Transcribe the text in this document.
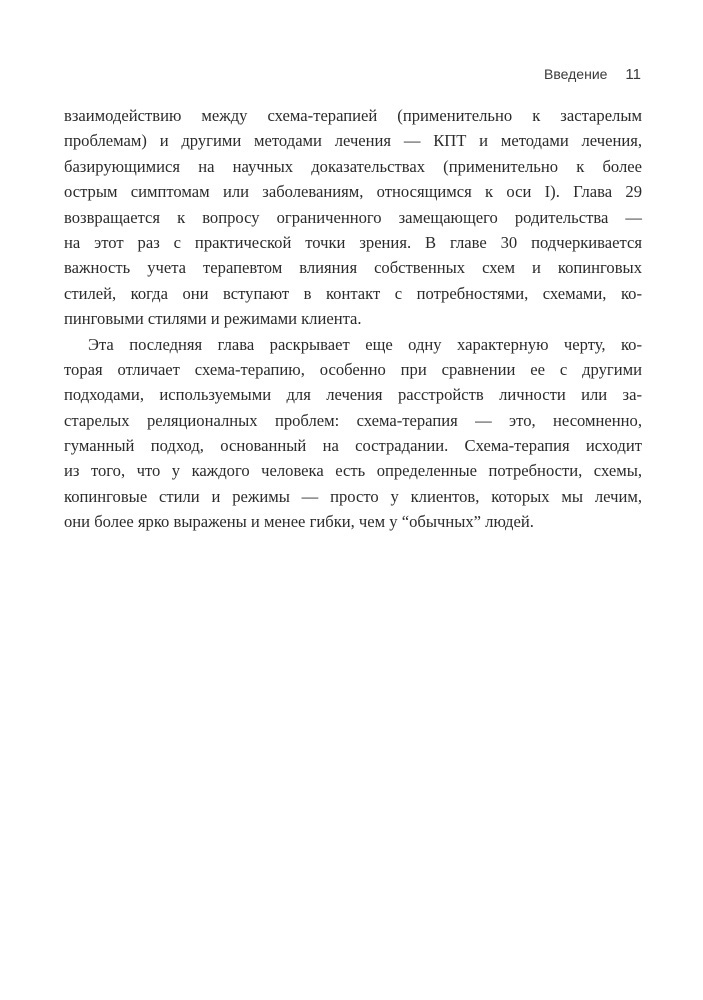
Введение 11
взаимодействию между схема-терапией (применительно к застарелым
проблемам) и другими методами лечения — КПТ и методами лечения,
базирующимися на научных доказательствах (применительно к более
острым симптомам или заболеваниям, относящимся к оси I). Глава 29
возвращается к вопросу ограниченного замещающего родительства —
на этот раз с практической точки зрения. В главе 30 подчеркивается
важность учета терапевтом влияния собственных схем и копинговых
стилей, когда они вступают в контакт с потребностями, схемами, ко-
пинговыми стилями и режимами клиента.
Эта последняя глава раскрывает еще одну характерную черту, ко-
торая отличает схема-терапию, особенно при сравнении ее с другими
подходами, используемыми для лечения расстройств личности или за-
старелых реляционалных проблем: схема-терапия — это, несомненно,
гуманный подход, основанный на сострадании. Схема-терапия исходит
из того, что у каждого человека есть определенные потребности, схемы,
копинговые стили и режимы — просто у клиентов, которых мы лечим,
они более ярко выражены и менее гибки, чем у “обычных” людей.
